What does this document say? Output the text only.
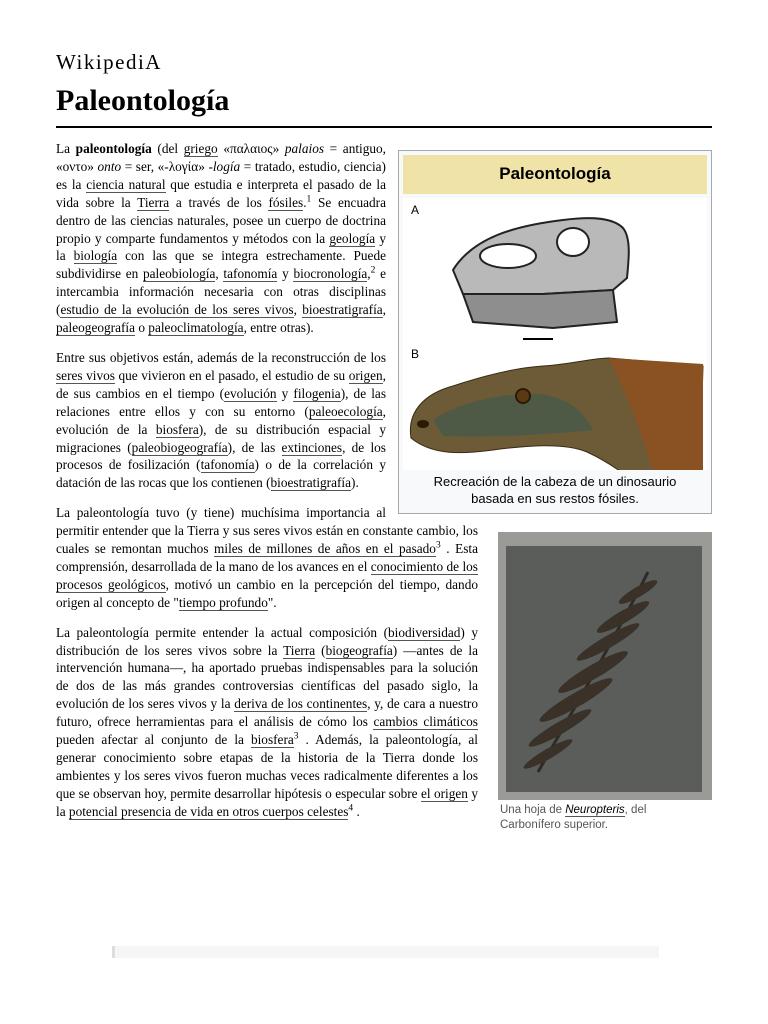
WikipediA
Paleontología
Paleontología
A
B
Recreación de la cabeza de un dinosaurio basada en sus restos fósiles.

La paleontología (del griego «παλαιος» palaios = antiguo, «οντο» onto = ser, «-λογία» -logía = tratado, estudio, ciencia) es la ciencia natural que estudia e interpreta el pasado de la vida sobre la Tierra a través de los fósiles.$^1$ Se encuadra dentro de las ciencias naturales, posee un cuerpo de doctrina propio y comparte fundamentos y métodos con la geología y la biología con las que se integra estrechamente. Puede subdividirse en paleobiología, tafonomía y biocronología,$^2$ e intercambia información necesaria con otras disciplinas (estudio de la evolución de los seres vivos, bioestratigrafía, paleogeografía o paleoclimatología, entre otras).

Entre sus objetivos están, además de la reconstrucción de los seres vivos que vivieron en el pasado, el estudio de su origen, de sus cambios en el tiempo (evolución y filogenia), de las relaciones entre ellos y con su entorno (paleoecología, evolución de la biosfera), de su distribución espacial y migraciones (paleobiogeografía), de las extinciones, de los procesos de fosilización (tafonomía) o de la correlación y datación de las rocas que los contienen (bioestratigrafía).

Una hoja de Neuropteris, del Carbonífero superior.

La paleontología tuvo (y tiene) muchísima importancia al permitir entender que la Tierra y sus seres vivos están en constante cambio, los cuales se remontan muchos miles de millones de años en el pasado$^3$ . Esta comprensión, desarrollada de la mano de los avances en el conocimiento de los procesos geológicos, motivó un cambio en la percepción del tiempo, dando origen al concepto de "tiempo profundo".

La paleontología permite entender la actual composición (biodiversidad) y distribución de los seres vivos sobre la Tierra (biogeografía) —antes de la intervención humana—, ha aportado pruebas indispensables para la solución de dos de las más grandes controversias científicas del pasado siglo, la evolución de los seres vivos y la deriva de los continentes, y, de cara a nuestro futuro, ofrece herramientas para el análisis de cómo los cambios climáticos pueden afectar al conjunto de la biosfera$^3$ . Además, la paleontología, al generar conocimiento sobre etapas de la historia de la Tierra donde los ambientes y los seres vivos fueron muchas veces radicalmente diferentes a los que se observan hoy, permite desarrollar hipótesis o especular sobre el origen y la potencial presencia de vida en otros cuerpos celestes$^4$ .
